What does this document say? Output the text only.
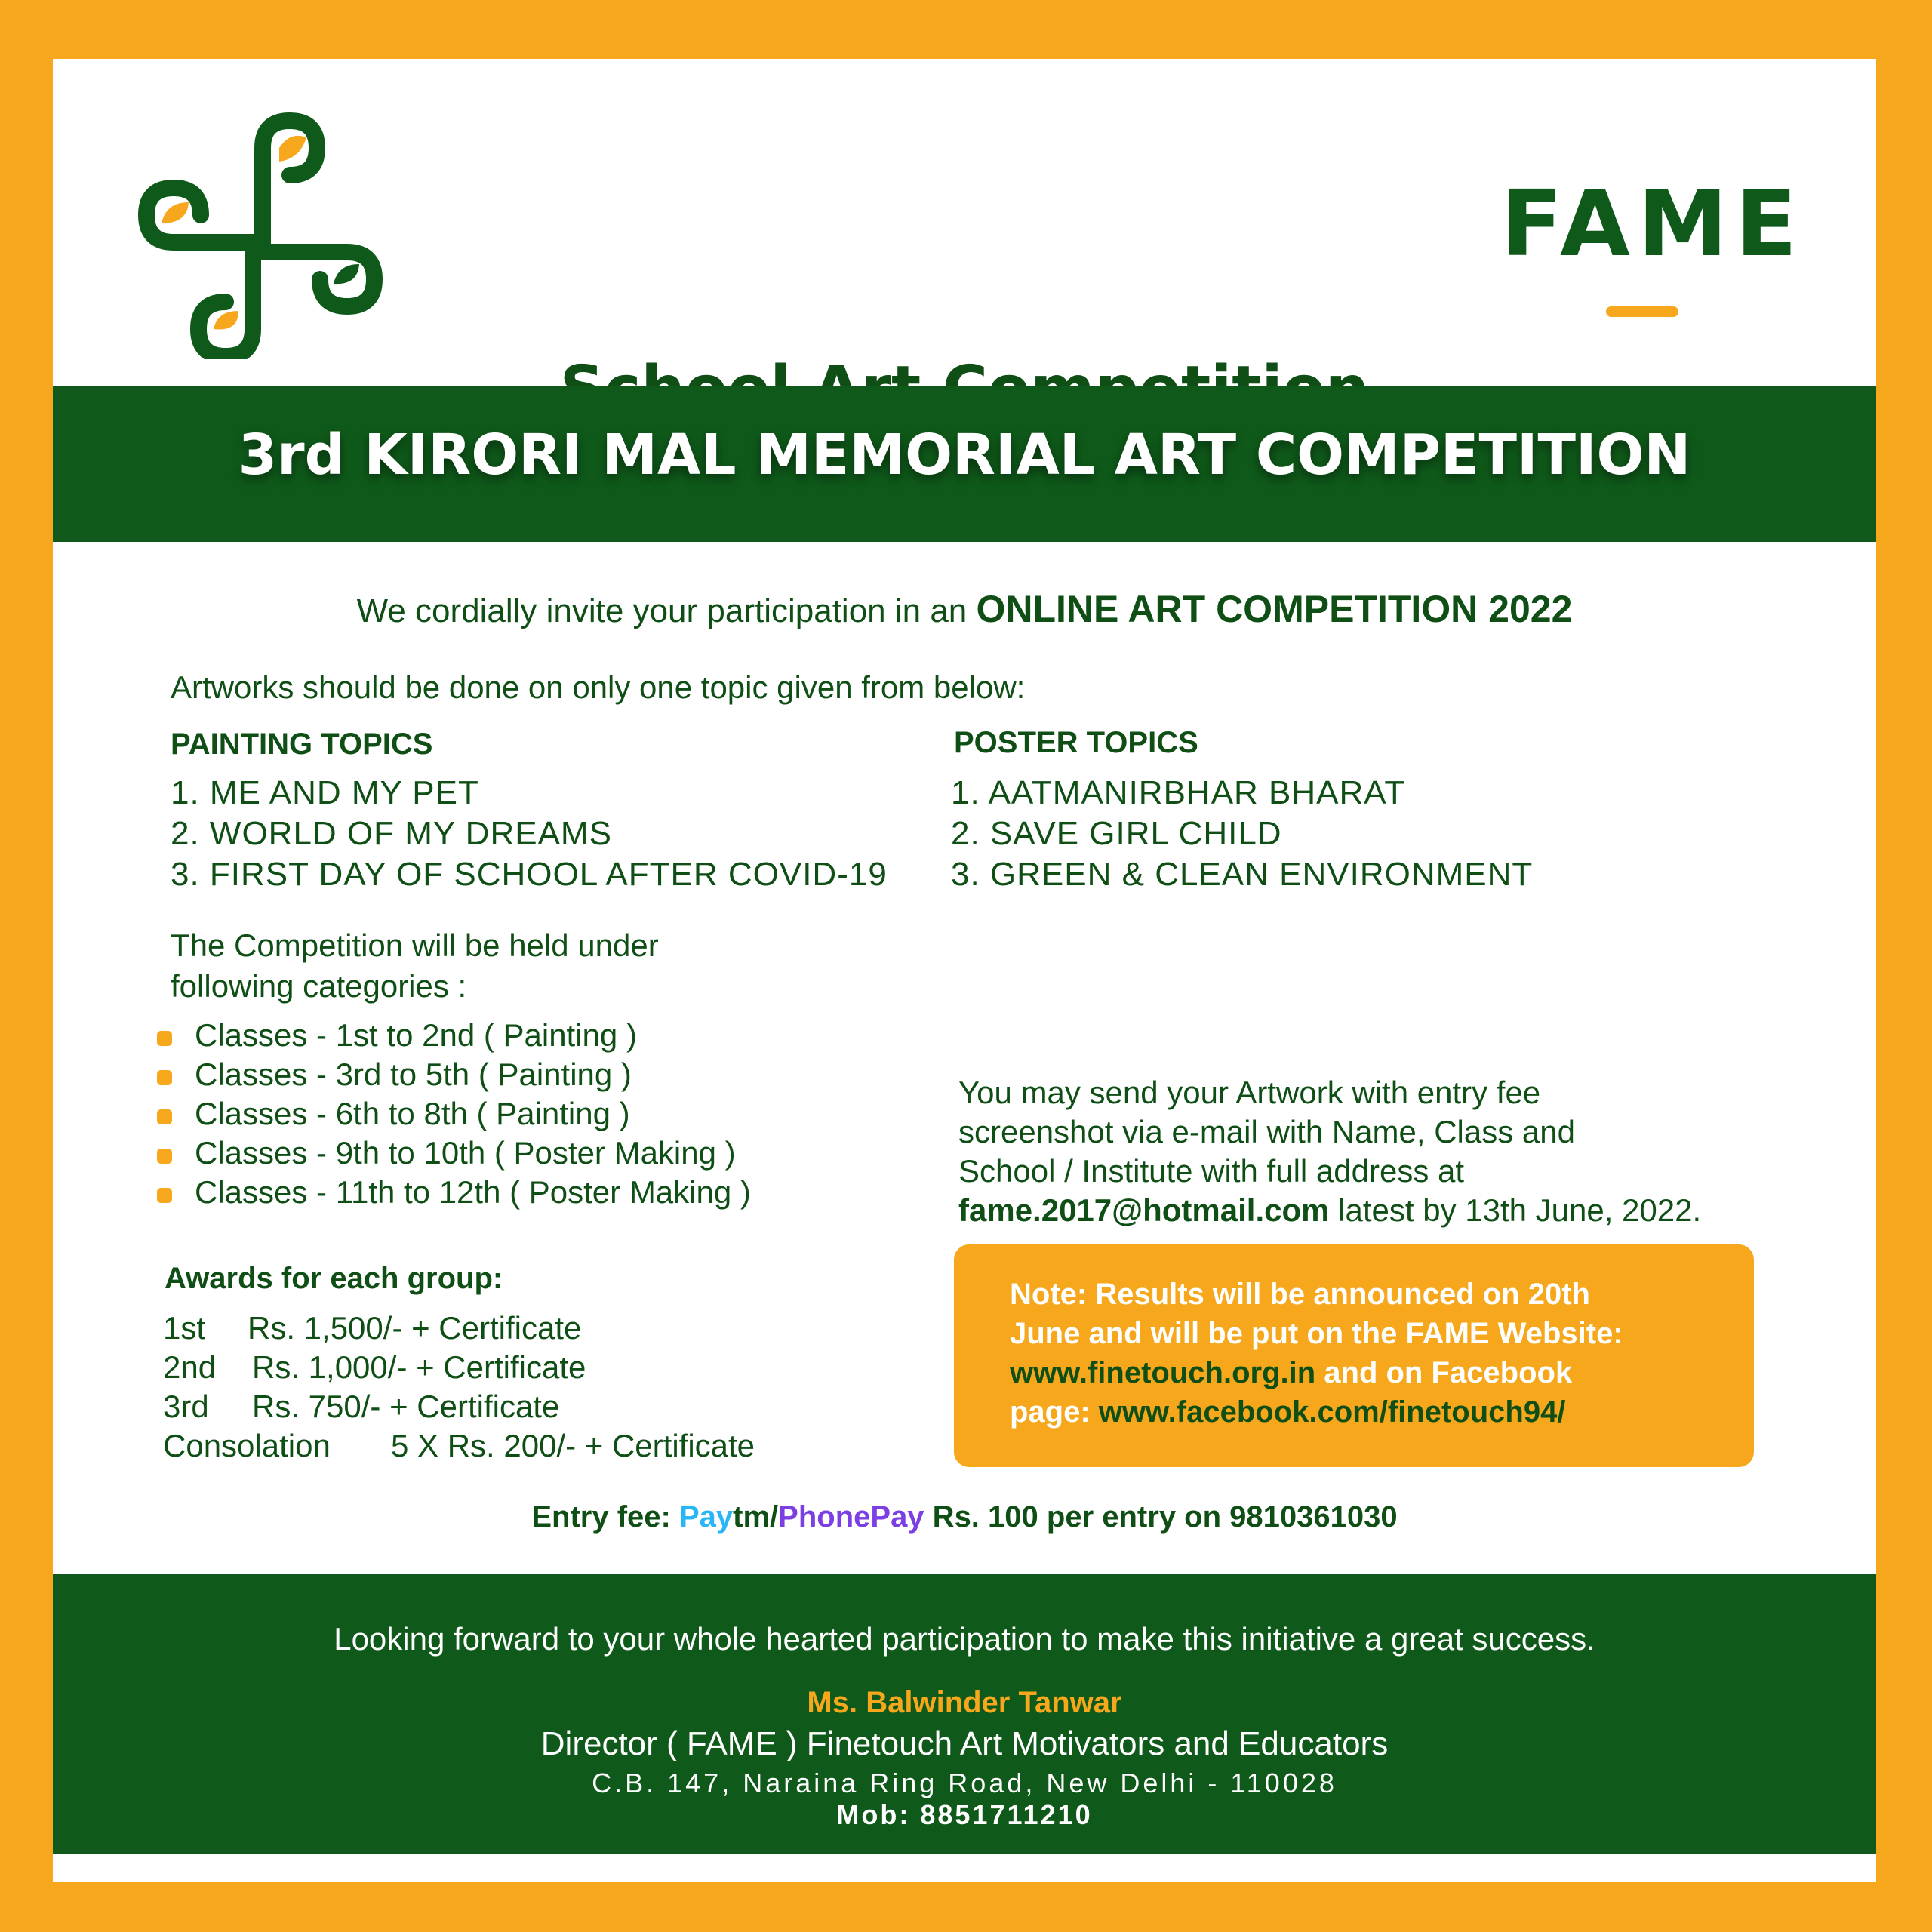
FAME
3rd KIRORI MAL MEMORIAL ART COMPETITION
We cordially invite your participation in an ONLINE ART COMPETITION 2022
Artworks should be done on only one topic given from below:
PAINTING TOPICS
1. ME AND MY PET
2. WORLD OF MY DREAMS
3. FIRST DAY OF SCHOOL AFTER COVID-19
POSTER TOPICS
1. AATMANIRBHAR BHARAT
2. SAVE GIRL CHILD
3. GREEN & CLEAN ENVIRONMENT
The Competition will be held under
following categories :
Classes - 1st to 2nd ( Painting )
Classes - 3rd to 5th ( Painting )
Classes - 6th to 8th ( Painting )
Classes - 9th to 10th ( Poster Making )
Classes - 11th to 12th ( Poster Making )
Awards for each group:
1st Rs. 1,500/- + Certificate
2nd Rs. 1,000/- + Certificate
3rd Rs. 750/- + Certificate
Consolation 5 X Rs. 200/- + Certificate
You may send your Artwork with entry fee
screenshot via e-mail with Name, Class and
School / Institute with full address at
fame.2017@hotmail.com latest by 13th June, 2022.
Note: Results will be announced on 20th
June and will be put on the FAME Website:
www.finetouch.org.in and on Facebook
page: www.facebook.com/finetouch94/
Entry fee: Paytm/PhonePay Rs. 100 per entry on 9810361030
Looking forward to your whole hearted participation to make this initiative a great success.
Ms. Balwinder Tanwar
Director ( FAME ) Finetouch Art Motivators and Educators
C.B. 147, Naraina Ring Road, New Delhi - 110028
Mob: 8851711210
